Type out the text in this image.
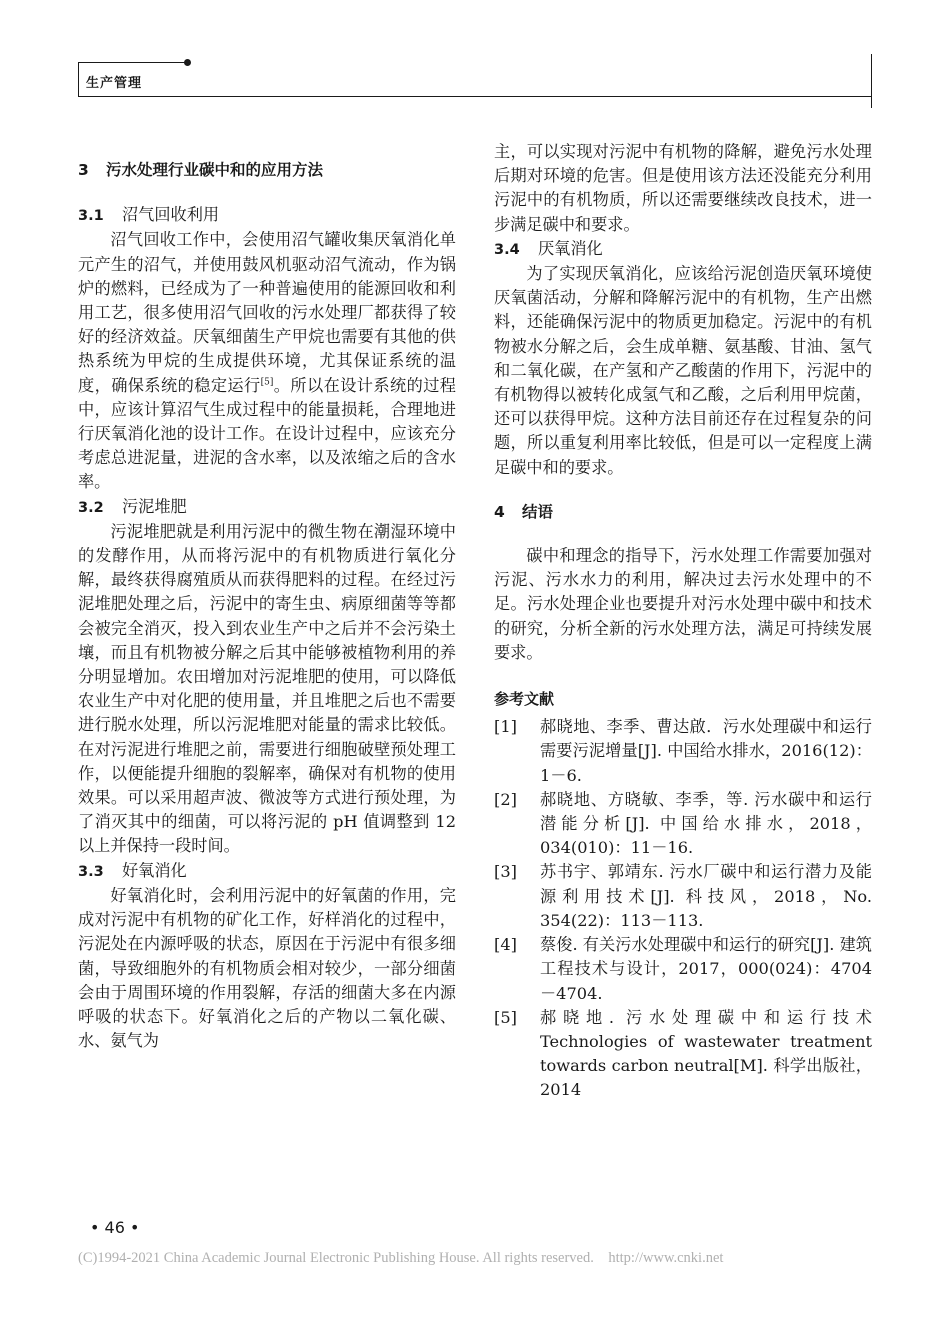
生产管理

3 污水处理行业碳中和的应用方法

3.1 沼气回收利用

沼气回收工作中，会使用沼气罐收集厌氧消化单元产生的沼气，并使用鼓风机驱动沼气流动，作为锅炉的燃料，已经成为了一种普遍使用的能源回收和利用工艺，很多使用沼气回收的污水处理厂都获得了较好的经济效益。厌氧细菌生产甲烷也需要有其他的供热系统为甲烷的生成提供环境，尤其保证系统的温度，确保系统的稳定运行[5]。所以在设计系统的过程中，应该计算沼气生成过程中的能量损耗，合理地进行厌氧消化池的设计工作。在设计过程中，应该充分考虑总进泥量，进泥的含水率，以及浓缩之后的含水率。

3.2 污泥堆肥

污泥堆肥就是利用污泥中的微生物在潮湿环境中的发酵作用，从而将污泥中的有机物质进行氧化分解，最终获得腐殖质从而获得肥料的过程。在经过污泥堆肥处理之后，污泥中的寄生虫、病原细菌等等都会被完全消灭，投入到农业生产中之后并不会污染土壤，而且有机物被分解之后其中能够被植物利用的养分明显增加。农田增加对污泥堆肥的使用，可以降低农业生产中对化肥的使用量，并且堆肥之后也不需要进行脱水处理，所以污泥堆肥对能量的需求比较低。在对污泥进行堆肥之前，需要进行细胞破壁预处理工作，以便能提升细胞的裂解率，确保对有机物的使用效果。可以采用超声波、微波等方式进行预处理，为了消灭其中的细菌，可以将污泥的 pH 值调整到 12 以上并保持一段时间。

3.3 好氧消化

好氧消化时，会利用污泥中的好氧菌的作用，完成对污泥中有机物的矿化工作，好样消化的过程中，污泥处在内源呼吸的状态，原因在于污泥中有很多细菌，导致细胞外的有机物质会相对较少，一部分细菌会由于周围环境的作用裂解，存活的细菌大多在内源呼吸的状态下。好氧消化之后的产物以二氧化碳、水、氨气为

主，可以实现对污泥中有机物的降解，避免污水处理后期对环境的危害。但是使用该方法还没能充分利用污泥中的有机物质，所以还需要继续改良技术，进一步满足碳中和要求。

3.4 厌氧消化

为了实现厌氧消化，应该给污泥创造厌氧环境使厌氧菌活动，分解和降解污泥中的有机物，生产出燃料，还能确保污泥中的物质更加稳定。污泥中的有机物被水分解之后，会生成单糖、氨基酸、甘油、氢气和二氧化碳，在产氢和产乙酸菌的作用下，污泥中的有机物得以被转化成氢气和乙酸，之后利用甲烷菌，还可以获得甲烷。这种方法目前还存在过程复杂的问题，所以重复利用率比较低，但是可以一定程度上满足碳中和的要求。

4 结语

碳中和理念的指导下，污水处理工作需要加强对污泥、污水水力的利用，解决过去污水处理中的不足。污水处理企业也要提升对污水处理中碳中和技术的研究，分析全新的污水处理方法，满足可持续发展要求。

参考文献

[1]	郝晓地、李季、曹达啟．污水处理碳中和运行需要污泥增量[J]. 中国给水排水，2016(12)：1－6.
[2]	郝晓地、方晓敏、李季，等. 污水碳中和运行潜能分析[J]. 中国给水排水，2018，034(010)：11－16.
[3]	苏书宇、郭靖东. 污水厂碳中和运行潜力及能源利用技术[J]. 科技风，2018，No. 354(22)：113－113.
[4]	蔡俊. 有关污水处理碳中和运行的研究[J]. 建筑工程技术与设计，2017，000(024)：4704－4704.
[5]	郝晓地. 污水处理碳中和运行技术 Technologies of wastewater treatment towards carbon neutral[M]. 科学出版社，2014
• 46 •
(C)1994-2021 China Academic Journal Electronic Publishing House. All rights reserved.    http://www.cnki.net
